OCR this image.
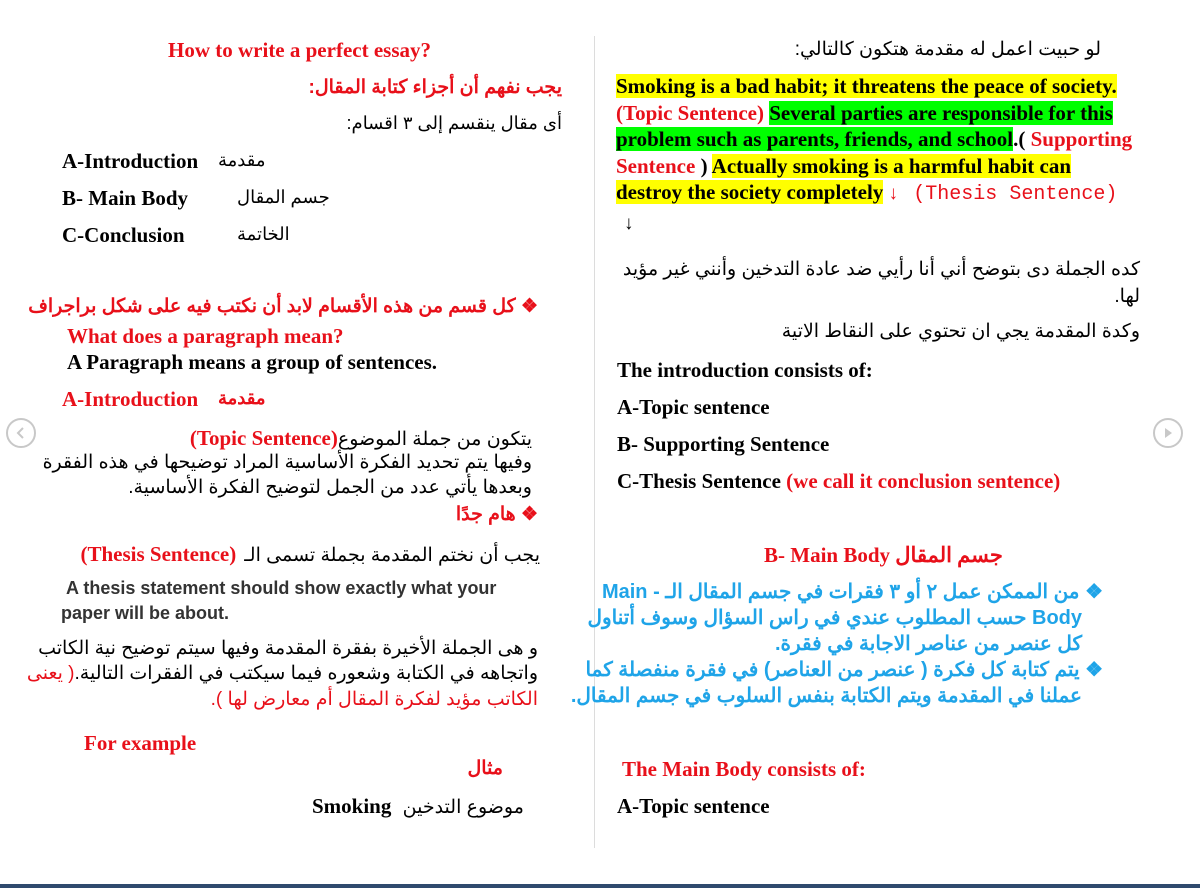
How to write a perfect essay?
يجب نفهم أن أجزاء كتابة المقال:
أى مقال ينقسم إلى ٣ اقسام:
A-Introduction مقدمة
B- Main Body	جسم المقال
C-Conclusion	الخاتمة
❖ كل قسم من هذه الأقسام لابد أن نكتب فيه على شكل براجراف
What does a paragraph mean?
A Paragraph means a group of sentences.
A-Introduction مقدمة
يتكون من جملة الموضوع(Topic Sentence)
وفيها يتم تحديد الفكرة الأساسية المراد توضيحها في هذه الفقرة
وبعدها يأتي عدد من الجمل لتوضيح الفكرة الأساسية.
❖ هام جدًا
يجب أن نختم المقدمة بجملة تسمى الـ(Thesis Sentence)
A thesis statement should show exactly what your
paper will be about.
و هى الجملة الأخيرة بفقرة المقدمة وفيها سيتم توضيح نية الكاتب
واتجاهه في الكتابة وشعوره فيما سيكتب في الفقرات التالية.( يعنى
الكاتب مؤيد لفكرة المقال أم معارض لها ).
For example
مثال
Smoking موضوع التدخين
لو حبيت اعمل له مقدمة هتكون كالتالي:
Smoking is a bad habit; it threatens the peace of society. (Topic Sentence) Several parties are responsible for this problem such as parents, friends, and school.( Supporting Sentence ) Actually smoking is a harmful habit can destroy the society completely ↓ (Thesis Sentence) ↓
كده الجملة دى بتوضح أني أنا رأيي ضد عادة التدخين وأنني غير مؤيد
لها.
وكدة المقدمة يجي ان تحتوي على النقاط الاتية
The introduction consists of:
A-Topic sentence
B- Supporting Sentence
C-Thesis Sentence (we call it conclusion sentence)
B- Main Body جسم المقال
❖ من الممكن عمل ٢ أو ٣ فقرات في جسم المقال الـ - Main
Body حسب المطلوب عندي في راس السؤال وسوف أتناول
كل عنصر من عناصر الاجابة في فقرة.
❖ يتم كتابة كل فكرة ( عنصر من العناصر) في فقرة منفصلة كما
عملنا في المقدمة ويتم الكتابة بنفس السلوب في جسم المقال.
The Main Body consists of:
A-Topic sentence
